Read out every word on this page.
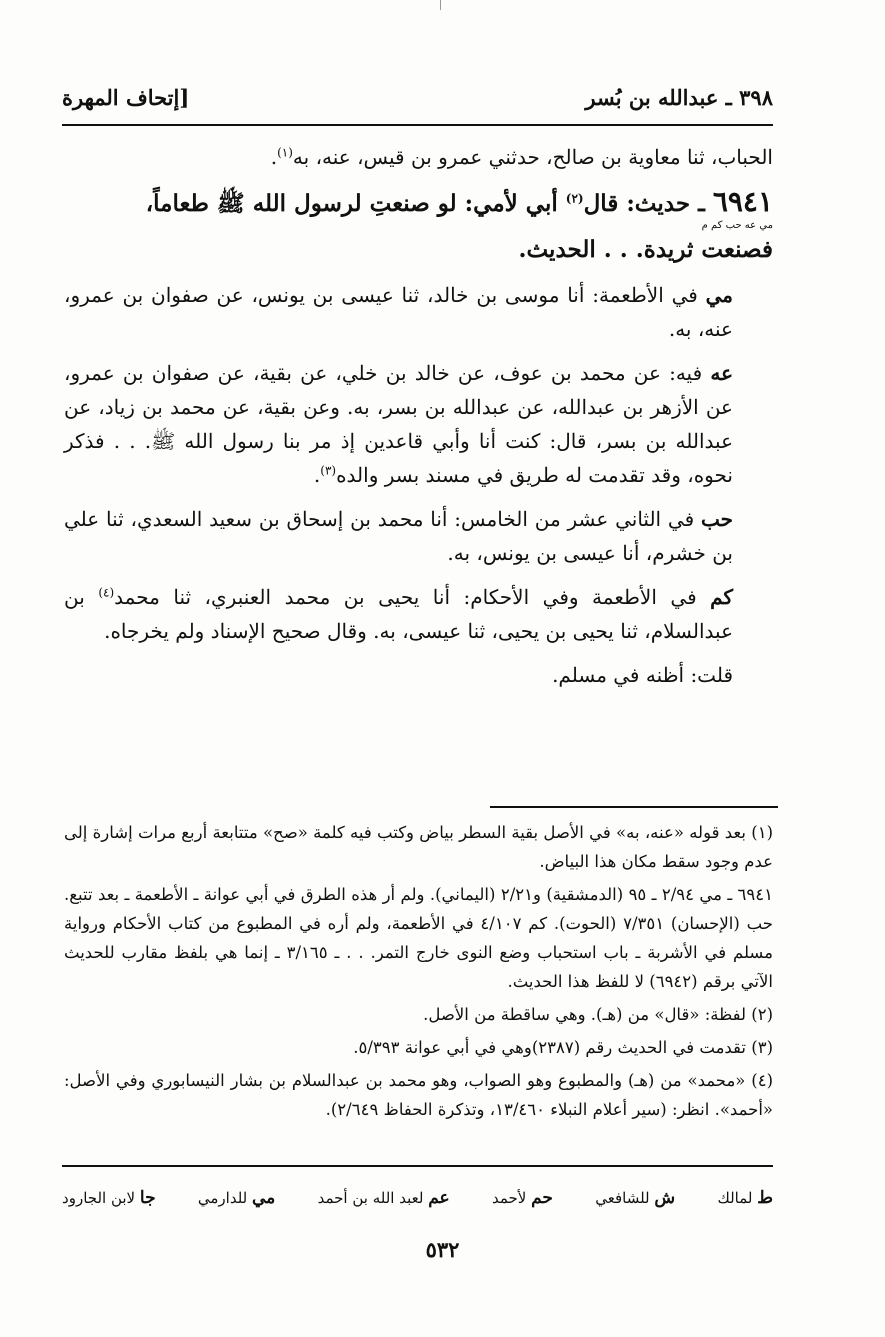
٣٩٨ ـ عبدالله بن بُسر
[إتحاف المهرة

الحباب، ثنا معاوية بن صالح، حدثني عمرو بن قيس، عنه، به$^{(١)}$.

٦٩٤١ ـ حديث: قال$^{(٢)}$ أبي لأمي: لو صنعتِ لرسول الله ﷺ طعاماً،
مي عه حب كم م
فصنعت ثريدة. . . الحديث.

مي في الأطعمة: أنا موسى بن خالد، ثنا عيسى بن يونس، عن صفوان بن عمرو، عنه، به.

عه فيه: عن محمد بن عوف، عن خالد بن خلي، عن بقية، عن صفوان بن عمرو، عن الأزهر بن عبدالله، عن عبدالله بن بسر، به. وعن بقية، عن محمد بن زياد، عن عبدالله بن بسر، قال: كنت أنا وأبي قاعدين إذ مر بنا رسول الله ﷺ. . . فذكر نحوه، وقد تقدمت له طريق في مسند بسر والده$^{(٣)}$.

حب في الثاني عشر من الخامس: أنا محمد بن إسحاق بن سعيد السعدي، ثنا علي بن خشرم، أنا عيسى بن يونس، به.

كم في الأطعمة وفي الأحكام: أنا يحيى بن محمد العنبري، ثنا محمد$^{(٤)}$ بن عبدالسلام، ثنا يحيى بن يحيى، ثنا عيسى، به. وقال صحيح الإسناد ولم يخرجاه.

قلت: أظنه في مسلم.

(١) بعد قوله «عنه، به» في الأصل بقية السطر بياض وكتب فيه كلمة «صح» متتابعة أربع مرات إشارة إلى عدم وجود سقط مكان هذا البياض.

٦٩٤١ ـ مي ٢/٩٤ ـ ٩٥ (الدمشقية) و٢/٢١ (اليماني). ولم أر هذه الطرق في أبي عوانة ـ الأطعمة ـ بعد تتبع. حب (الإحسان) ٧/٣٥١ (الحوت). كم ٤/١٠٧ في الأطعمة، ولم أره في المطبوع من كتاب الأحكام ورواية مسلم في الأشربة ـ باب استحباب وضع النوى خارج التمر. . . ـ ٣/١٦٥ ـ إنما هي بلفظ مقارب للحديث الآتي برقم (٦٩٤٢) لا للفظ هذا الحديث.

(٢) لفظة: «قال» من (هـ). وهي ساقطة من الأصل.

(٣) تقدمت في الحديث رقم (٢٣٨٧)وهي في أبي عوانة ٥/٣٩٣.

(٤) «محمد» من (هـ) والمطبوع وهو الصواب، وهو محمد بن عبدالسلام بن بشار النيسابوري وفي الأصل: «أحمد». انظر: (سير أعلام النبلاء ١٣/٤٦٠، وتذكرة الحفاظ ٢/٦٤٩).

ط لمالك
ش للشافعي
حم لأحمد
عم لعبد الله بن أحمد
مي للدارمي
جا لابن الجارود
٥٣٢
